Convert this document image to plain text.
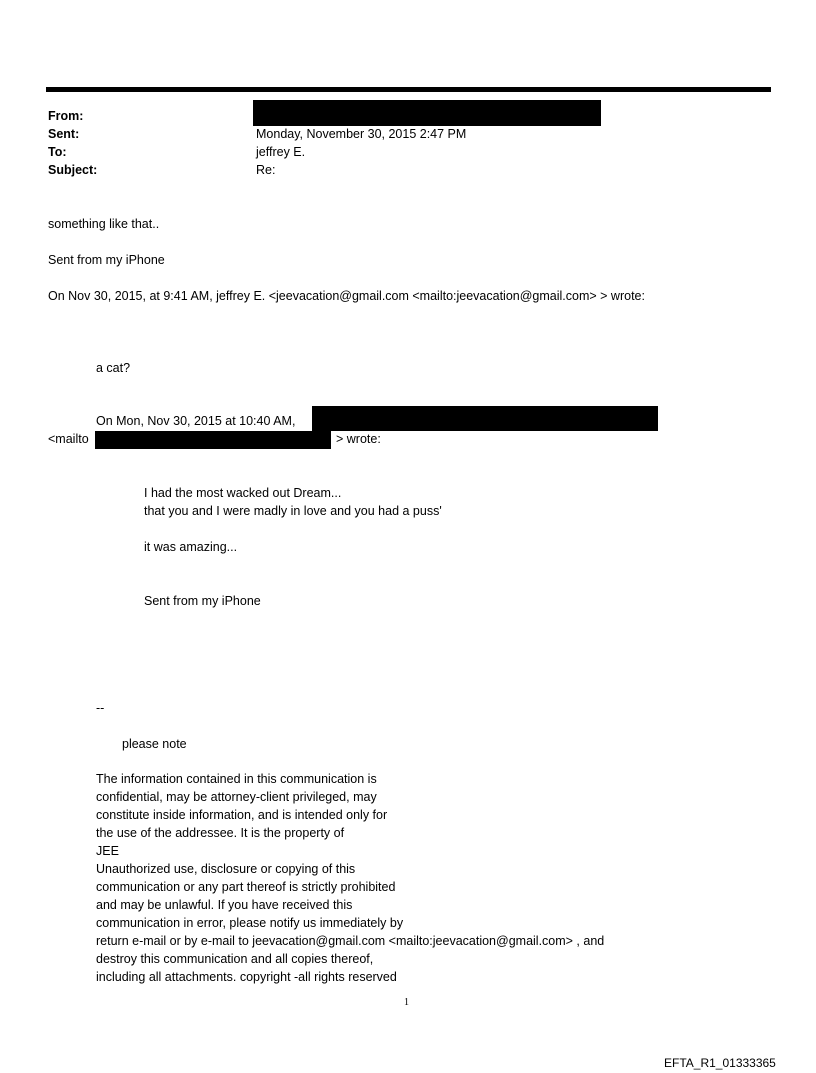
From:
Sent:	Monday, November 30, 2015 2:47 PM
To:	jeffrey E.
Subject:	Re:
something like that..
Sent from my iPhone
On Nov 30, 2015, at 9:41 AM, jeffrey E. <jeevacation@gmail.com <mailto:jeevacation@gmail.com> > wrote:
a cat?
On Mon, Nov 30, 2015 at 10:40 AM,
<mailto	> wrote:
I had the most wacked out Dream...
that you and I were madly in love and you had a puss'
it was amazing...
Sent from my iPhone
--
please note
The information contained in this communication is
confidential, may be attorney-client privileged, may
constitute inside information, and is intended only for
the use of the addressee. It is the property of
JEE
Unauthorized use, disclosure or copying of this
communication or any part thereof is strictly prohibited
and may be unlawful. If you have received this
communication in error, please notify us immediately by
return e-mail or by e-mail to jeevacation@gmail.com <mailto:jeevacation@gmail.com> , and
destroy this communication and all copies thereof,
including all attachments. copyright -all rights reserved
1
EFTA_R1_01333365
